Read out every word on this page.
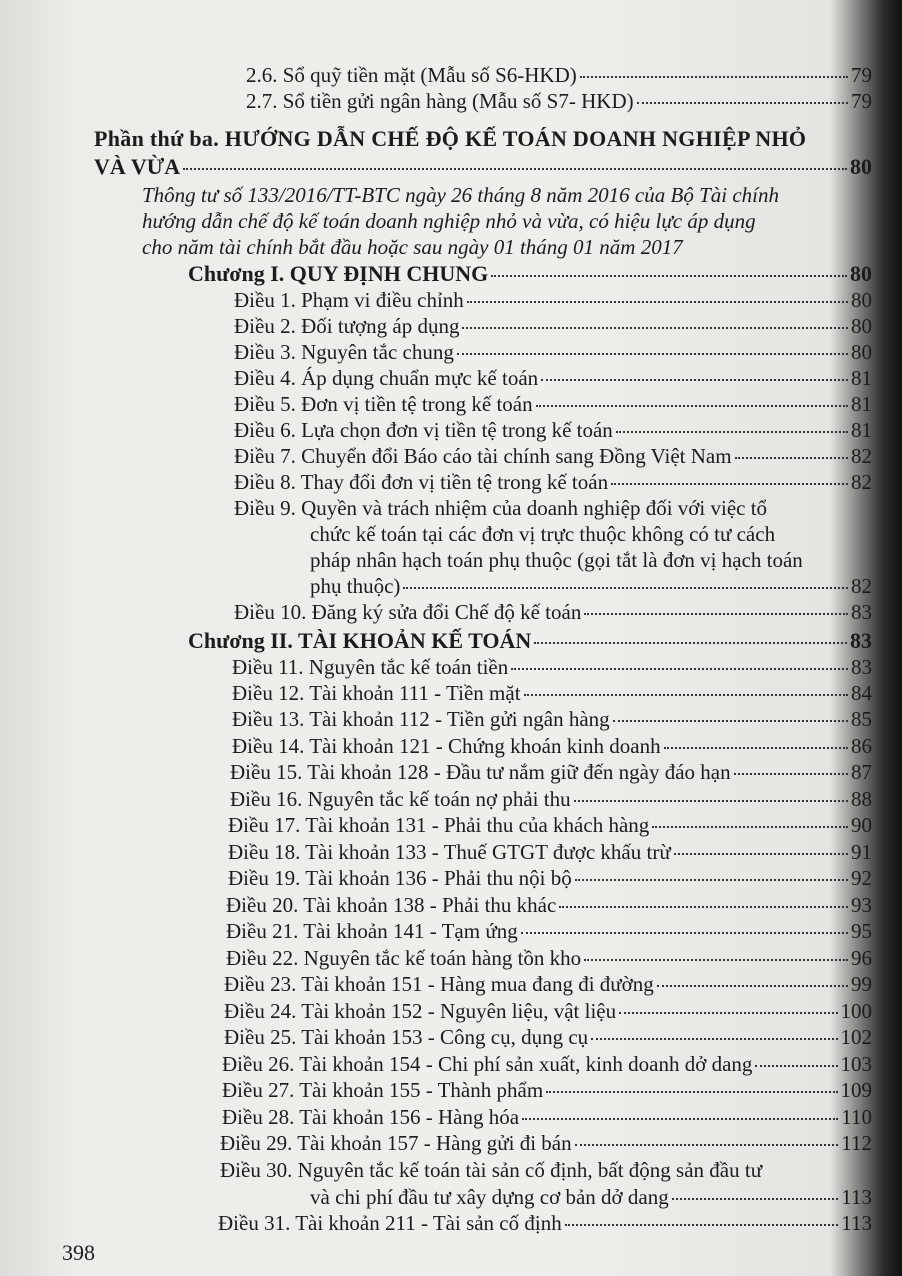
2.6. Sổ quỹ tiền mặt (Mẫu số S6-HKD)	79
2.7. Sổ tiền gửi ngân hàng (Mẫu số S7- HKD)	79
Phần thứ ba. HƯỚNG DẪN CHẾ ĐỘ KẾ TOÁN DOANH NGHIỆP NHỎ
VÀ VỪA	80
Thông tư số 133/2016/TT-BTC ngày 26 tháng 8 năm 2016 của Bộ Tài chính
hướng dẫn chế độ kế toán doanh nghiệp nhỏ và vừa, có hiệu lực áp dụng
cho năm tài chính bắt đầu hoặc sau ngày 01 tháng 01 năm 2017
Chương I. QUY ĐỊNH CHUNG	80
Điều 1. Phạm vi điều chỉnh	80
Điều 2. Đối tượng áp dụng	80
Điều 3. Nguyên tắc chung	80
Điều 4. Áp dụng chuẩn mực kế toán	81
Điều 5. Đơn vị tiền tệ trong kế toán	81
Điều 6. Lựa chọn đơn vị tiền tệ trong kế toán	81
Điều 7. Chuyển đổi Báo cáo tài chính sang Đồng Việt Nam	82
Điều 8. Thay đổi đơn vị tiền tệ trong kế toán	82
Điều 9. Quyền và trách nhiệm của doanh nghiệp đối với việc tổ
chức kế toán tại các đơn vị trực thuộc không có tư cách
pháp nhân hạch toán phụ thuộc (gọi tắt là đơn vị hạch toán
phụ thuộc)	82
Điều 10. Đăng ký sửa đổi Chế độ kế toán	83
Chương II. TÀI KHOẢN KẾ TOÁN	83
Điều 11. Nguyên tắc kế toán tiền	83
Điều 12. Tài khoản 111 - Tiền mặt	84
Điều 13. Tài khoản 112 - Tiền gửi ngân hàng	85
Điều 14. Tài khoản 121 - Chứng khoán kinh doanh	86
Điều 15. Tài khoản 128 - Đầu tư nắm giữ đến ngày đáo hạn	87
Điều 16. Nguyên tắc kế toán nợ phải thu	88
Điều 17. Tài khoản 131 - Phải thu của khách hàng	90
Điều 18. Tài khoản 133 - Thuế GTGT được khấu trừ	91
Điều 19. Tài khoản 136 - Phải thu nội bộ	92
Điều 20. Tài khoản 138 - Phải thu khác	93
Điều 21. Tài khoản 141 - Tạm ứng	95
Điều 22. Nguyên tắc kế toán hàng tồn kho	96
Điều 23. Tài khoản 151 - Hàng mua đang đi đường	99
Điều 24. Tài khoản 152 - Nguyên liệu, vật liệu	100
Điều 25. Tài khoản 153 - Công cụ, dụng cụ	102
Điều 26. Tài khoản 154 - Chi phí sản xuất, kinh doanh dở dang	103
Điều 27. Tài khoản 155 - Thành phẩm	109
Điều 28. Tài khoản 156 - Hàng hóa	110
Điều 29. Tài khoản 157 - Hàng gửi đi bán	112
Điều 30. Nguyên tắc kế toán tài sản cố định, bất động sản đầu tư
và chi phí đầu tư xây dựng cơ bản dở dang	113
Điều 31. Tài khoản 211 - Tài sản cố định	113
398
